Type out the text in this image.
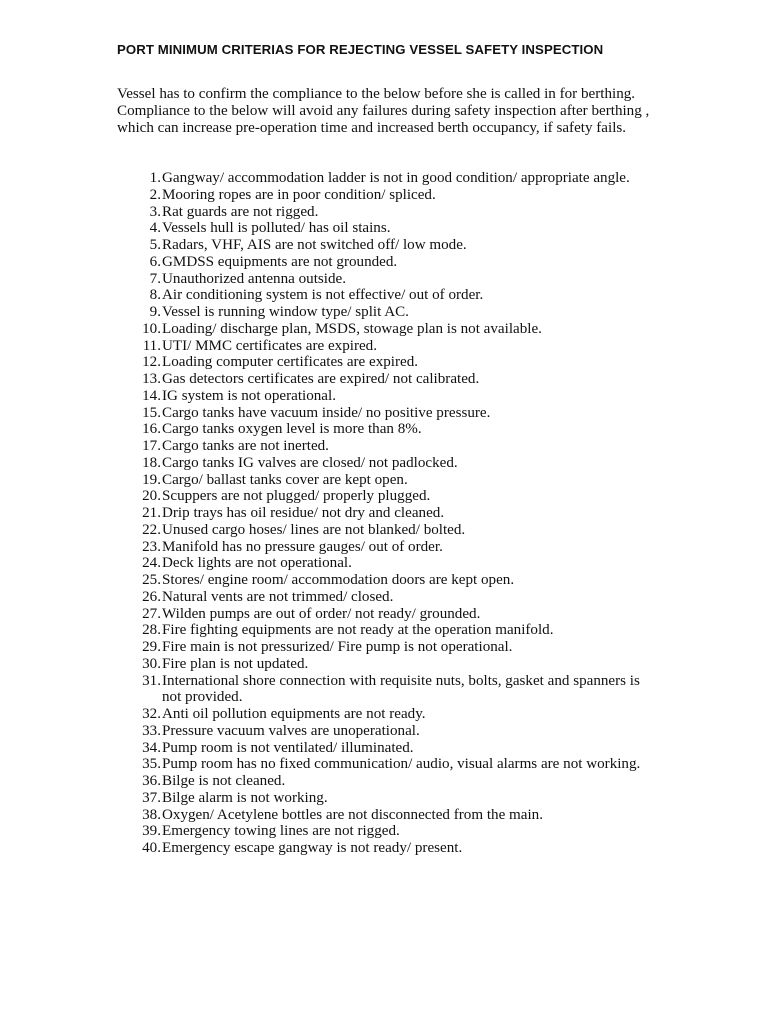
PORT MINIMUM CRITERIAS FOR REJECTING VESSEL SAFETY INSPECTION

Vessel has to confirm the compliance to the below before she is called in for berthing. Compliance to the below will avoid any failures during safety inspection after berthing , which can increase pre-operation time and increased berth occupancy, if safety fails.

1. Gangway/ accommodation ladder is not in good condition/ appropriate angle.
2. Mooring ropes are in poor condition/ spliced.
3. Rat guards are not rigged.
4. Vessels hull is polluted/ has oil stains.
5. Radars, VHF, AIS are not switched off/ low mode.
6. GMDSS equipments are not grounded.
7. Unauthorized antenna outside.
8. Air conditioning system is not effective/ out of order.
9. Vessel is running window type/ split AC.
10. Loading/ discharge plan, MSDS, stowage plan is not available.
11. UTI/ MMC certificates are expired.
12. Loading computer certificates are expired.
13. Gas detectors certificates are expired/ not calibrated.
14. IG system is not operational.
15. Cargo tanks have vacuum inside/ no positive pressure.
16. Cargo tanks oxygen level is more than 8%.
17. Cargo tanks are not inerted.
18. Cargo tanks IG valves are closed/ not padlocked.
19. Cargo/ ballast tanks cover are kept open.
20. Scuppers are not plugged/ properly plugged.
21. Drip trays has oil residue/ not dry and cleaned.
22. Unused cargo hoses/ lines are not blanked/ bolted.
23. Manifold has no pressure gauges/ out of order.
24. Deck lights are not operational.
25. Stores/ engine room/ accommodation doors are kept open.
26. Natural vents are not trimmed/ closed.
27. Wilden pumps are out of order/ not ready/ grounded.
28. Fire fighting equipments are not ready at the operation manifold.
29. Fire main is not pressurized/ Fire pump is not operational.
30. Fire plan is not updated.
31. International shore connection with requisite nuts, bolts, gasket and spanners is not provided.
32. Anti oil pollution equipments are not ready.
33. Pressure vacuum valves are unoperational.
34. Pump room is not ventilated/ illuminated.
35. Pump room has no fixed communication/ audio, visual alarms are not working.
36. Bilge is not cleaned.
37. Bilge alarm is not working.
38. Oxygen/ Acetylene bottles are not disconnected from the main.
39. Emergency towing lines are not rigged.
40. Emergency escape gangway is not ready/ present.
